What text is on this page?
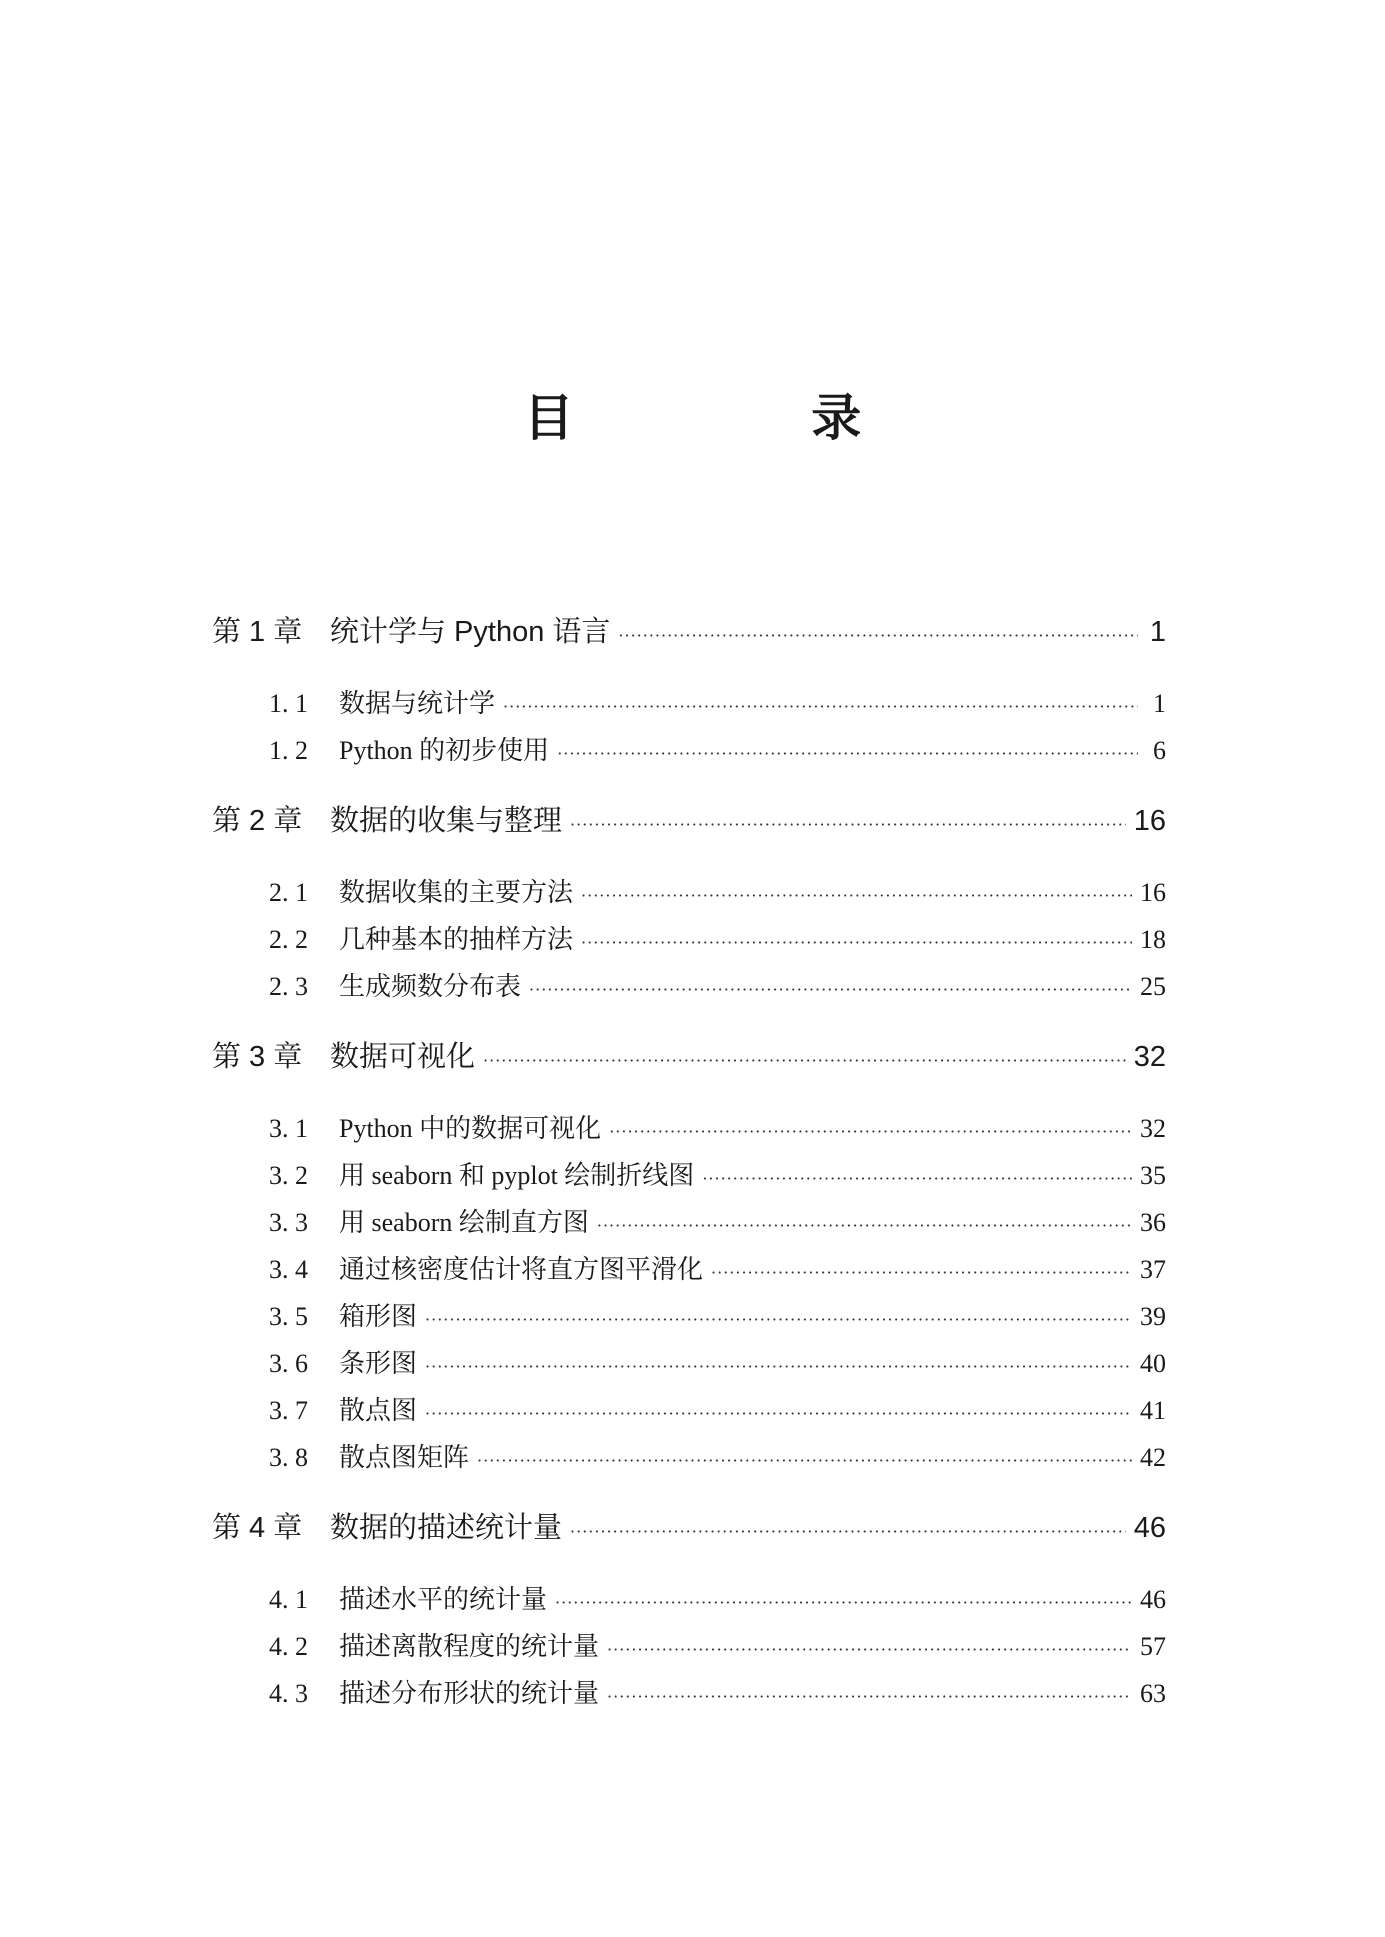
目 录
第 1 章 统计学与 Python 语言 ·····	1
1. 1	数据与统计学 ·····	1
1. 2	Python 的初步使用 ·····	6
第 2 章 数据的收集与整理 ·····	16
2. 1	数据收集的主要方法 ·····	16
2. 2	几种基本的抽样方法 ·····	18
2. 3	生成频数分布表 ·····	25
第 3 章 数据可视化 ·····	32
3. 1	Python 中的数据可视化 ·····	32
3. 2	用 seaborn 和 pyplot 绘制折线图 ·····	35
3. 3	用 seaborn 绘制直方图 ·····	36
3. 4	通过核密度估计将直方图平滑化 ·····	37
3. 5	箱形图 ·····	39
3. 6	条形图 ·····	40
3. 7	散点图 ·····	41
3. 8	散点图矩阵 ·····	42
第 4 章 数据的描述统计量 ·····	46
4. 1	描述水平的统计量 ·····	46
4. 2	描述离散程度的统计量 ·····	57
4. 3	描述分布形状的统计量 ·····	63
